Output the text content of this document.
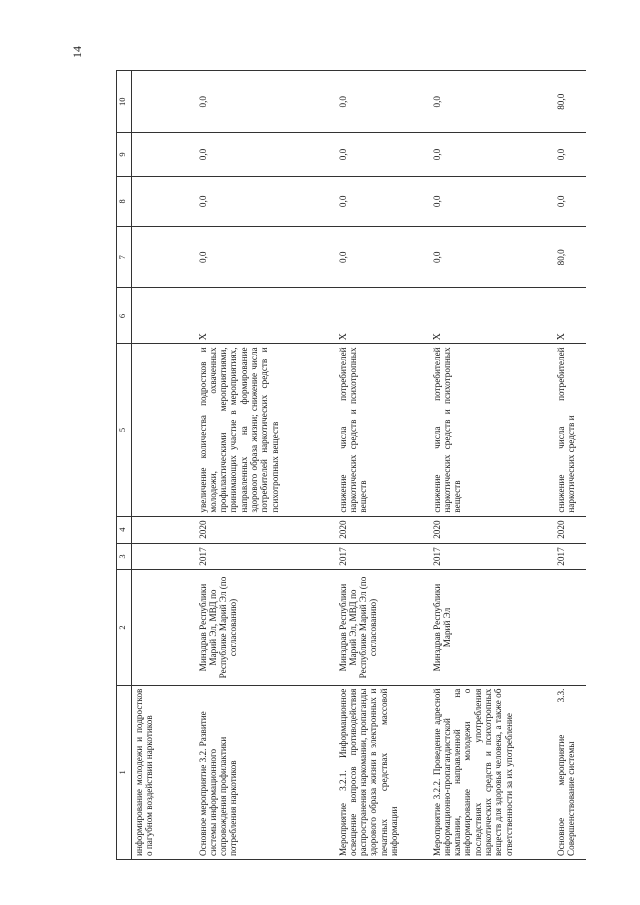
14
1	2	3	4	5	6	7	8	9	10
информирование молодежи и подростков о пагубном воздействии наркотиков									
Основное мероприятие 3.2. Развитие системы информационного сопровождения профилактики потребления наркотиков	Минздрав Республики Марий Эл, МВД по Республике Марий Эл (по согласованию)	2017	2020	увеличение количества подростков и молодежи, охваченных профилактическими мероприятиями, принимающих участие в мероприятиях, направленных на формирование здорового образа жизни; снижение числа потребителей наркотических средств и психотропных веществ	Х	0,0	0,0	0,0	0,0
Мероприятие 3.2.1. Информационное освещение вопросов противодействия распространения наркомании, пропаганды здорового образа жизни в электронных и печатных средствах массовой информации	Минздрав Республики Марий Эл, МВД по Республике Марий Эл (по согласованию)	2017	2020	снижение числа потребителей наркотических средств и психотропных веществ	Х	0,0	0,0	0,0	0,0
Мероприятие 3.2.2. Проведение адресной информационно-пропагандистской кампании, направленной на информирование молодежи о последствиях употребления наркотических средств и психотропных веществ для здоровья человека, а также об ответственности за их употребление	Минздрав Республики Марий Эл	2017	2020	снижение числа потребителей наркотических средств и психотропных веществ	Х	0,0	0,0	0,0	0,0
Основное мероприятие 3.3. Совершенствование системы		2017	2020	снижение числа потребителей наркотических средств и	Х	80,0	0,0	0,0	80,0
